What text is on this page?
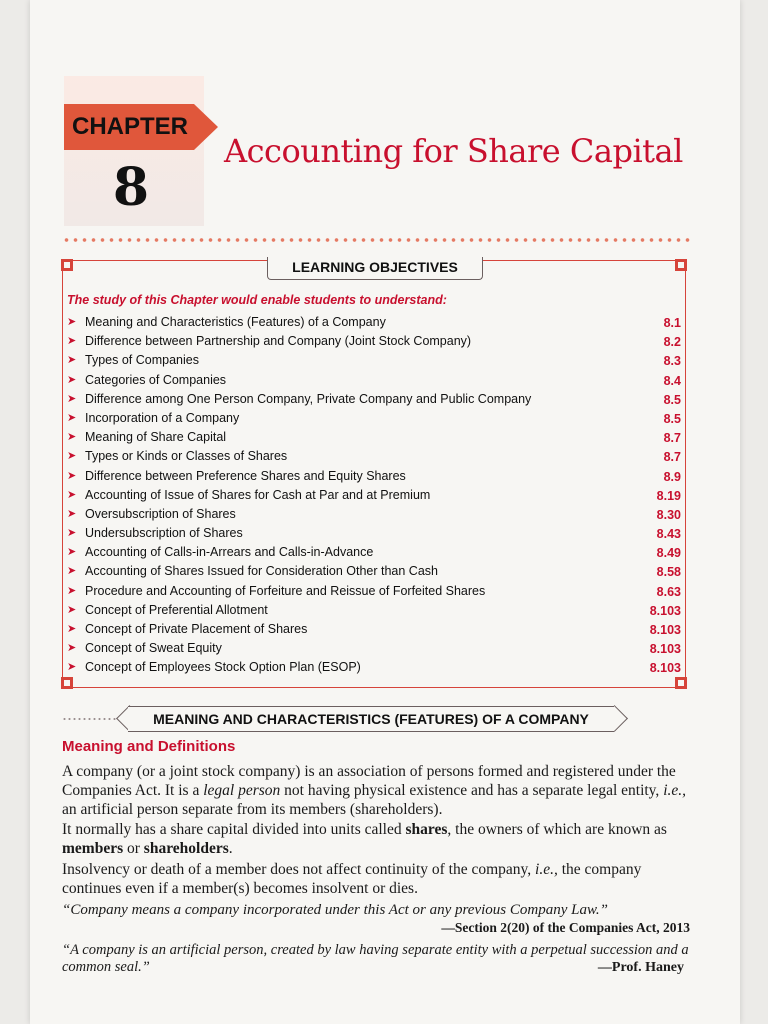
CHAPTER
8
Accounting for Share Capital
LEARNING OBJECTIVES
The study of this Chapter would enable students to understand:
➤ Meaning and Characteristics (Features) of a Company	8.1
➤ Difference between Partnership and Company (Joint Stock Company)	8.2
➤ Types of Companies	8.3
➤ Categories of Companies	8.4
➤ Difference among One Person Company, Private Company and Public Company	8.5
➤ Incorporation of a Company	8.5
➤ Meaning of Share Capital	8.7
➤ Types or Kinds or Classes of Shares	8.7
➤ Difference between Preference Shares and Equity Shares	8.9
➤ Accounting of Issue of Shares for Cash at Par and at Premium	8.19
➤ Oversubscription of Shares	8.30
➤ Undersubscription of Shares	8.43
➤ Accounting of Calls-in-Arrears and Calls-in-Advance	8.49
➤ Accounting of Shares Issued for Consideration Other than Cash	8.58
➤ Procedure and Accounting of Forfeiture and Reissue of Forfeited Shares	8.63
➤ Concept of Preferential Allotment	8.103
➤ Concept of Private Placement of Shares	8.103
➤ Concept of Sweat Equity	8.103
➤ Concept of Employees Stock Option Plan (ESOP)	8.103
MEANING AND CHARACTERISTICS (FEATURES) OF A COMPANY
Meaning and Definitions

A company (or a joint stock company) is an association of persons formed and registered under the Companies Act. It is a legal person not having physical existence and has a separate legal entity, i.e., an artificial person separate from its members (shareholders).

It normally has a share capital divided into units called shares, the owners of which are known as members or shareholders.

Insolvency or death of a member does not affect continuity of the company, i.e., the company continues even if a member(s) becomes insolvent or dies.

“Company means a company incorporated under this Act or any previous Company Law.”
—Section 2(20) of the Companies Act, 2013
“A company is an artificial person, created by law having separate entity with a perpetual succession and a common seal.”	—Prof. Haney
